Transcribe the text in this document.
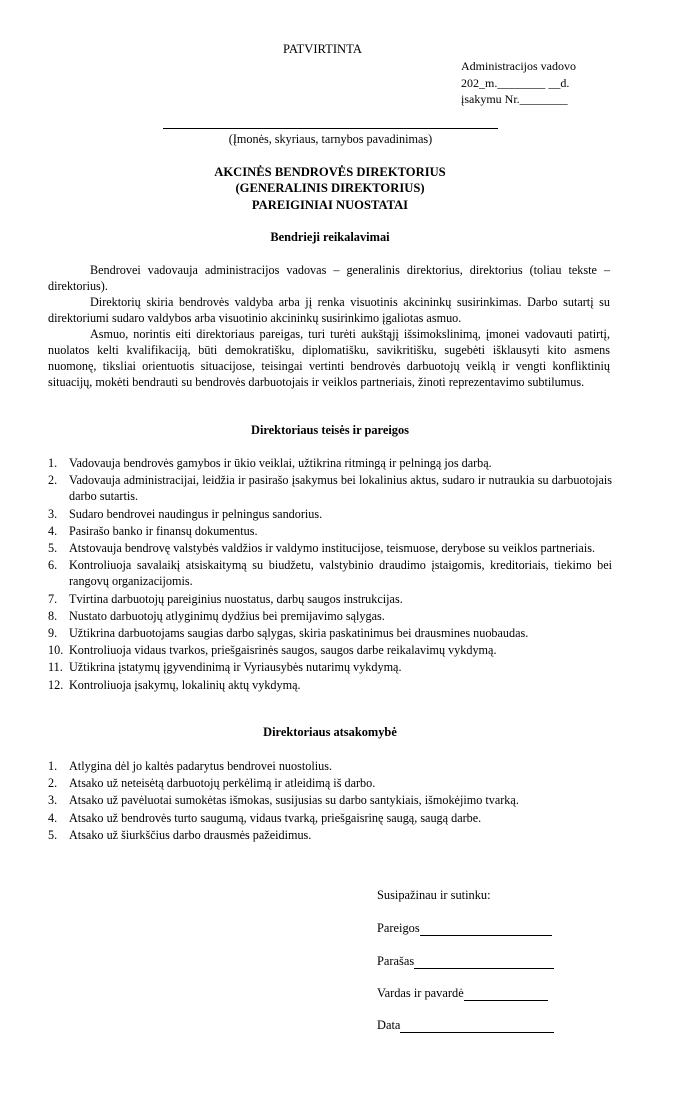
PATVIRTINTA
Administracijos vadovo
202_m.________ __d.
įsakymu Nr.________
(Įmonės, skyriaus, tarnybos pavadinimas)
AKCINĖS BENDROVĖS DIREKTORIUS
(GENERALINIS DIREKTORIUS)
PAREIGINIAI NUOSTATAI
Bendrieji reikalavimai

Bendrovei vadovauja administracijos vadovas – generalinis direktorius, direktorius (toliau tekste – direktorius).

Direktorių skiria bendrovės valdyba arba jį renka visuotinis akcininkų susirinkimas. Darbo sutartį su direktoriumi sudaro valdybos arba visuotinio akcininkų susirinkimo įgaliotas asmuo.

Asmuo, norintis eiti direktoriaus pareigas, turi turėti aukštąjį išsimokslinimą, įmonei vadovauti patirtį, nuolatos kelti kvalifikaciją, būti demokratišku, diplomatišku, savikritišku, sugebėti išklausyti kito asmens nuomonę, tiksliai orientuotis situacijose, teisingai vertinti bendrovės darbuotojų veiklą ir vengti konfliktinių situacijų, mokėti bendrauti su bendrovės darbuotojais ir veiklos partneriais, žinoti reprezentavimo subtilumus.

Direktoriaus teisės ir pareigos
1. Vadovauja bendrovės gamybos ir ūkio veiklai, užtikrina ritmingą ir pelningą jos darbą.
2. Vadovauja administracijai, leidžia ir pasirašo įsakymus bei lokalinius aktus, sudaro ir nutraukia su darbuotojais darbo sutartis.
3. Sudaro bendrovei naudingus ir pelningus sandorius.
4. Pasirašo banko ir finansų dokumentus.
5. Atstovauja bendrovę valstybės valdžios ir valdymo institucijose, teismuose, derybose su veiklos partneriais.
6. Kontroliuoja savalaikį atsiskaitymą su biudžetu, valstybinio draudimo įstaigomis, kreditoriais, tiekimo bei rangovų organizacijomis.
7. Tvirtina darbuotojų pareiginius nuostatus, darbų saugos instrukcijas.
8. Nustato darbuotojų atlyginimų dydžius bei premijavimo sąlygas.
9. Užtikrina darbuotojams saugias darbo sąlygas, skiria paskatinimus bei drausmines nuobaudas.
10. Kontroliuoja vidaus tvarkos, priešgaisrinės saugos, saugos darbe reikalavimų vykdymą.
11. Užtikrina įstatymų įgyvendinimą ir Vyriausybės nutarimų vykdymą.
12. Kontroliuoja įsakymų, lokalinių aktų vykdymą.
Direktoriaus atsakomybė
1. Atlygina dėl jo kaltės padarytus bendrovei nuostolius.
2. Atsako už neteisėtą darbuotojų perkėlimą ir atleidimą iš darbo.
3. Atsako už pavėluotai sumokėtas išmokas, susijusias su darbo santykiais, išmokėjimo tvarką.
4. Atsako už bendrovės turto saugumą, vidaus tvarką, priešgaisrinę saugą, saugą darbe.
5. Atsako už šiurkščius darbo drausmės pažeidimus.
Susipažinau ir sutinku:
Pareigos
Parašas
Vardas ir pavardė
Data
